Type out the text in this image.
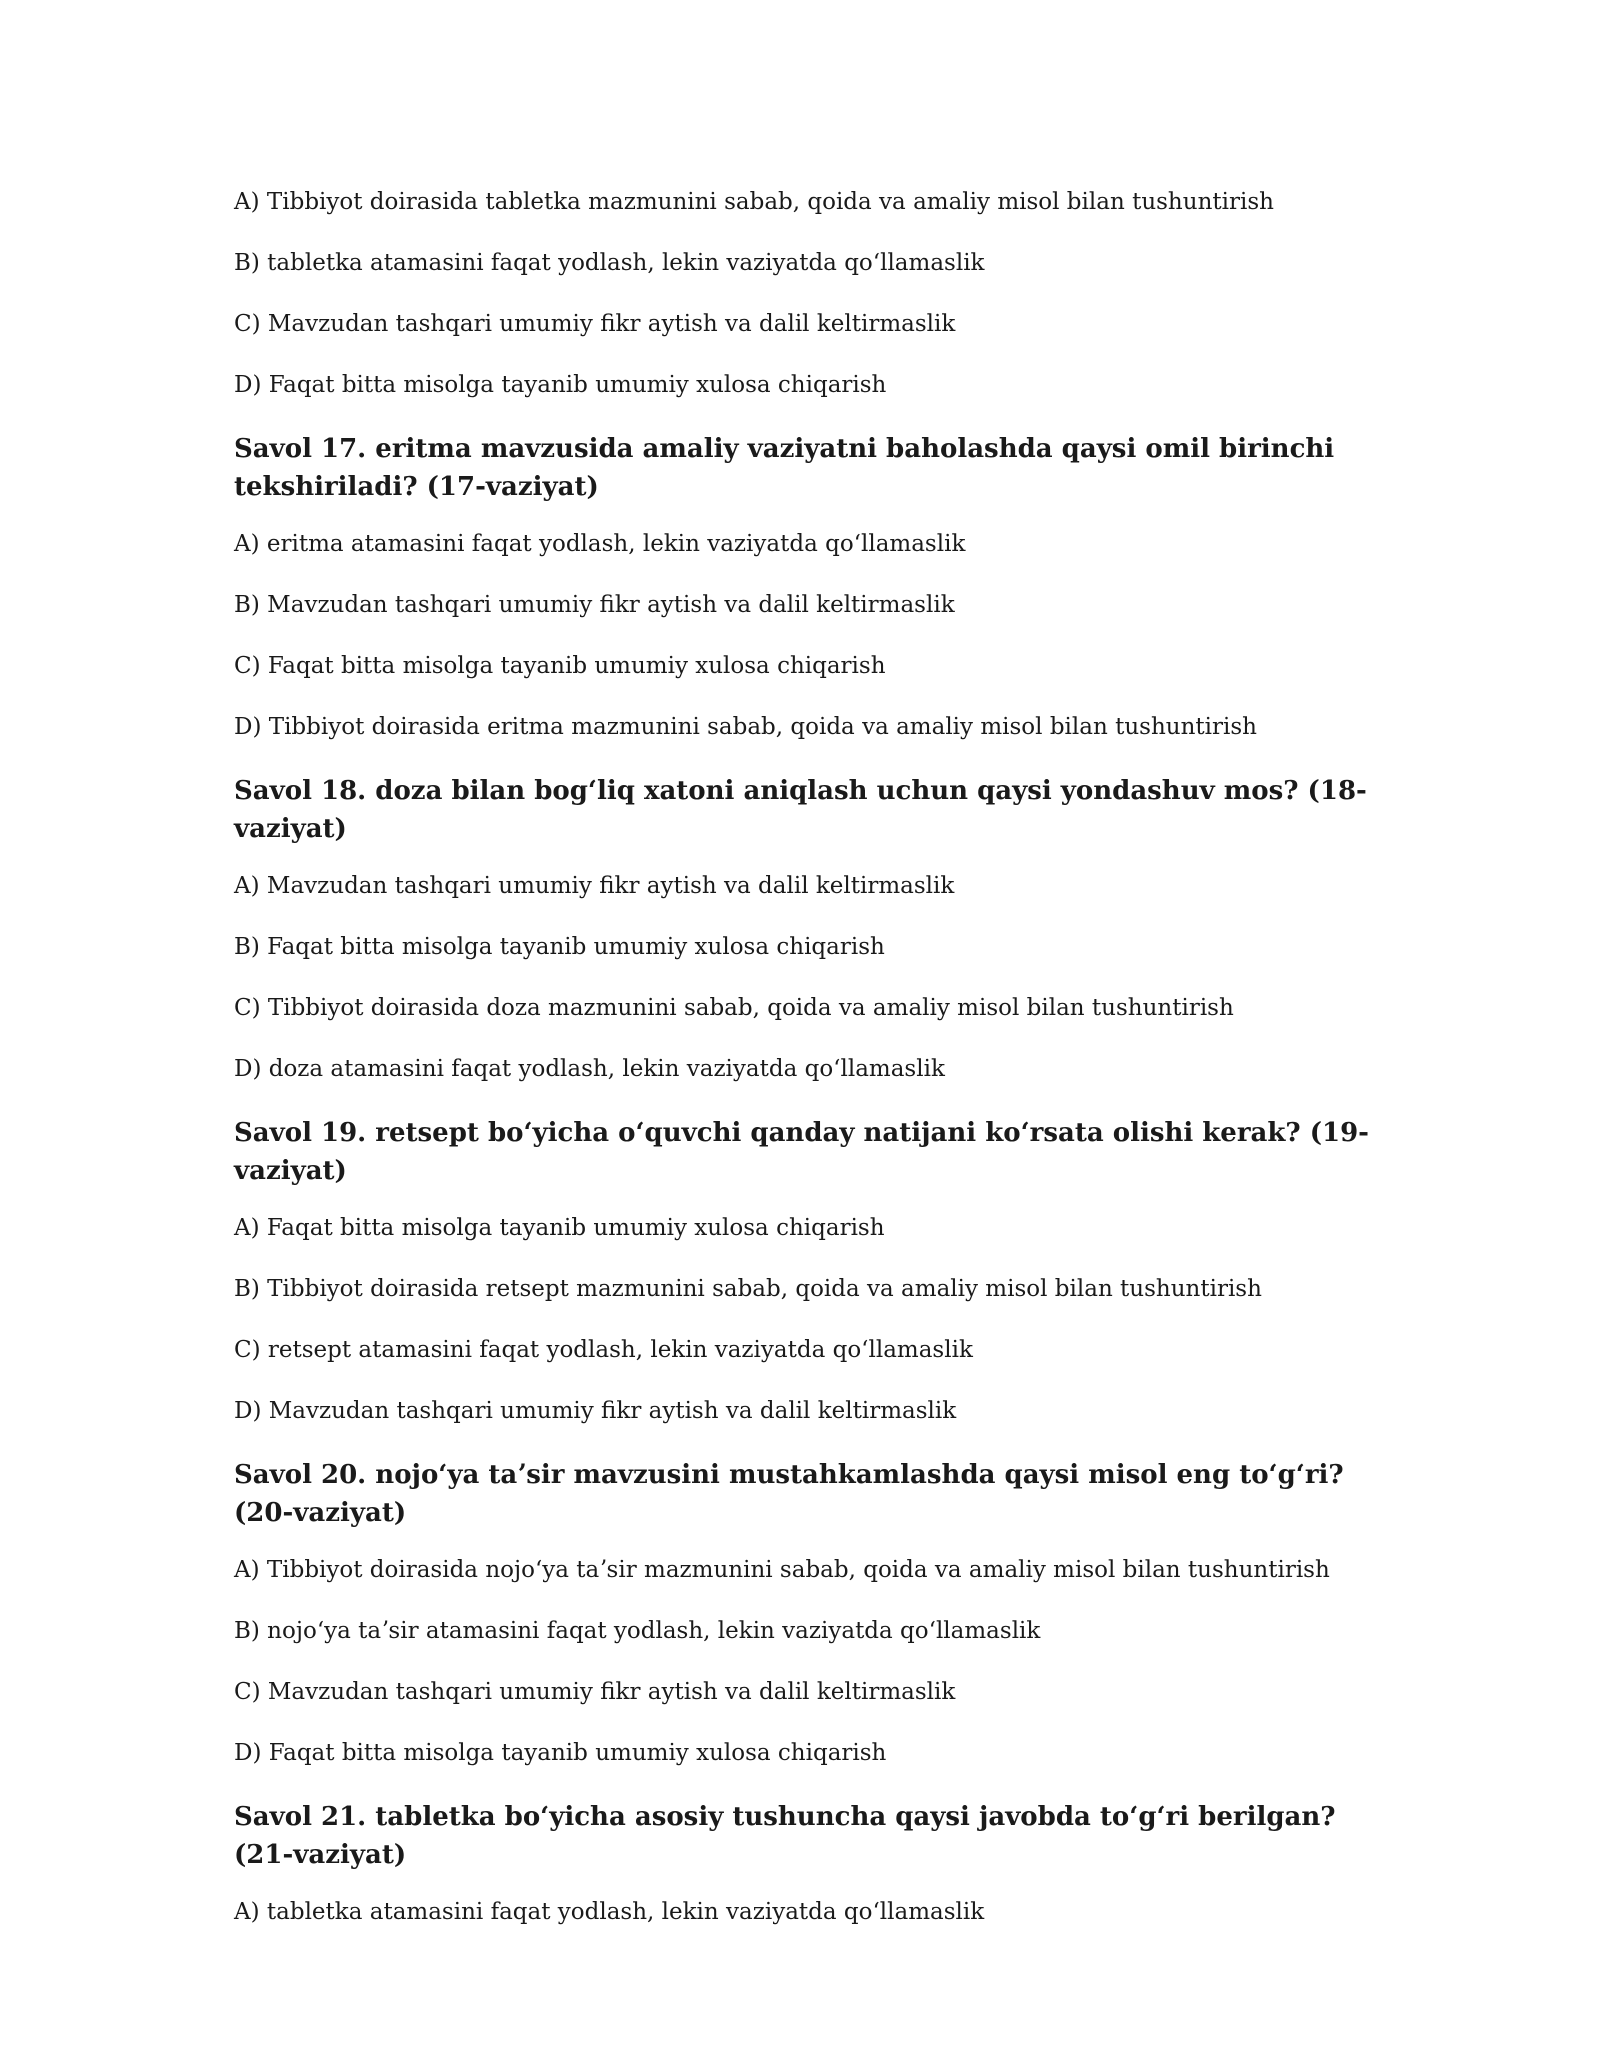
A) Tibbiyot doirasida tabletka mazmunini sabab, qoida va amaliy misol bilan tushuntirish
B) tabletka atamasini faqat yodlash, lekin vaziyatda qoʻllamaslik
C) Mavzudan tashqari umumiy fikr aytish va dalil keltirmaslik
D) Faqat bitta misolga tayanib umumiy xulosa chiqarish
Savol 17. eritma mavzusida amaliy vaziyatni baholashda qaysi omil birinchi tekshiriladi? (17-vaziyat)
A) eritma atamasini faqat yodlash, lekin vaziyatda qoʻllamaslik
B) Mavzudan tashqari umumiy fikr aytish va dalil keltirmaslik
C) Faqat bitta misolga tayanib umumiy xulosa chiqarish
D) Tibbiyot doirasida eritma mazmunini sabab, qoida va amaliy misol bilan tushuntirish
Savol 18. doza bilan bogʻliq xatoni aniqlash uchun qaysi yondashuv mos? (18-vaziyat)
A) Mavzudan tashqari umumiy fikr aytish va dalil keltirmaslik
B) Faqat bitta misolga tayanib umumiy xulosa chiqarish
C) Tibbiyot doirasida doza mazmunini sabab, qoida va amaliy misol bilan tushuntirish
D) doza atamasini faqat yodlash, lekin vaziyatda qoʻllamaslik
Savol 19. retsept boʻyicha oʻquvchi qanday natijani koʻrsata olishi kerak? (19-vaziyat)
A) Faqat bitta misolga tayanib umumiy xulosa chiqarish
B) Tibbiyot doirasida retsept mazmunini sabab, qoida va amaliy misol bilan tushuntirish
C) retsept atamasini faqat yodlash, lekin vaziyatda qoʻllamaslik
D) Mavzudan tashqari umumiy fikr aytish va dalil keltirmaslik
Savol 20. nojoʻya taʼsir mavzusini mustahkamlashda qaysi misol eng toʻgʻri? (20-vaziyat)
A) Tibbiyot doirasida nojoʻya taʼsir mazmunini sabab, qoida va amaliy misol bilan tushuntirish
B) nojoʻya taʼsir atamasini faqat yodlash, lekin vaziyatda qoʻllamaslik
C) Mavzudan tashqari umumiy fikr aytish va dalil keltirmaslik
D) Faqat bitta misolga tayanib umumiy xulosa chiqarish
Savol 21. tabletka boʻyicha asosiy tushuncha qaysi javobda toʻgʻri berilgan? (21-vaziyat)
A) tabletka atamasini faqat yodlash, lekin vaziyatda qoʻllamaslik
